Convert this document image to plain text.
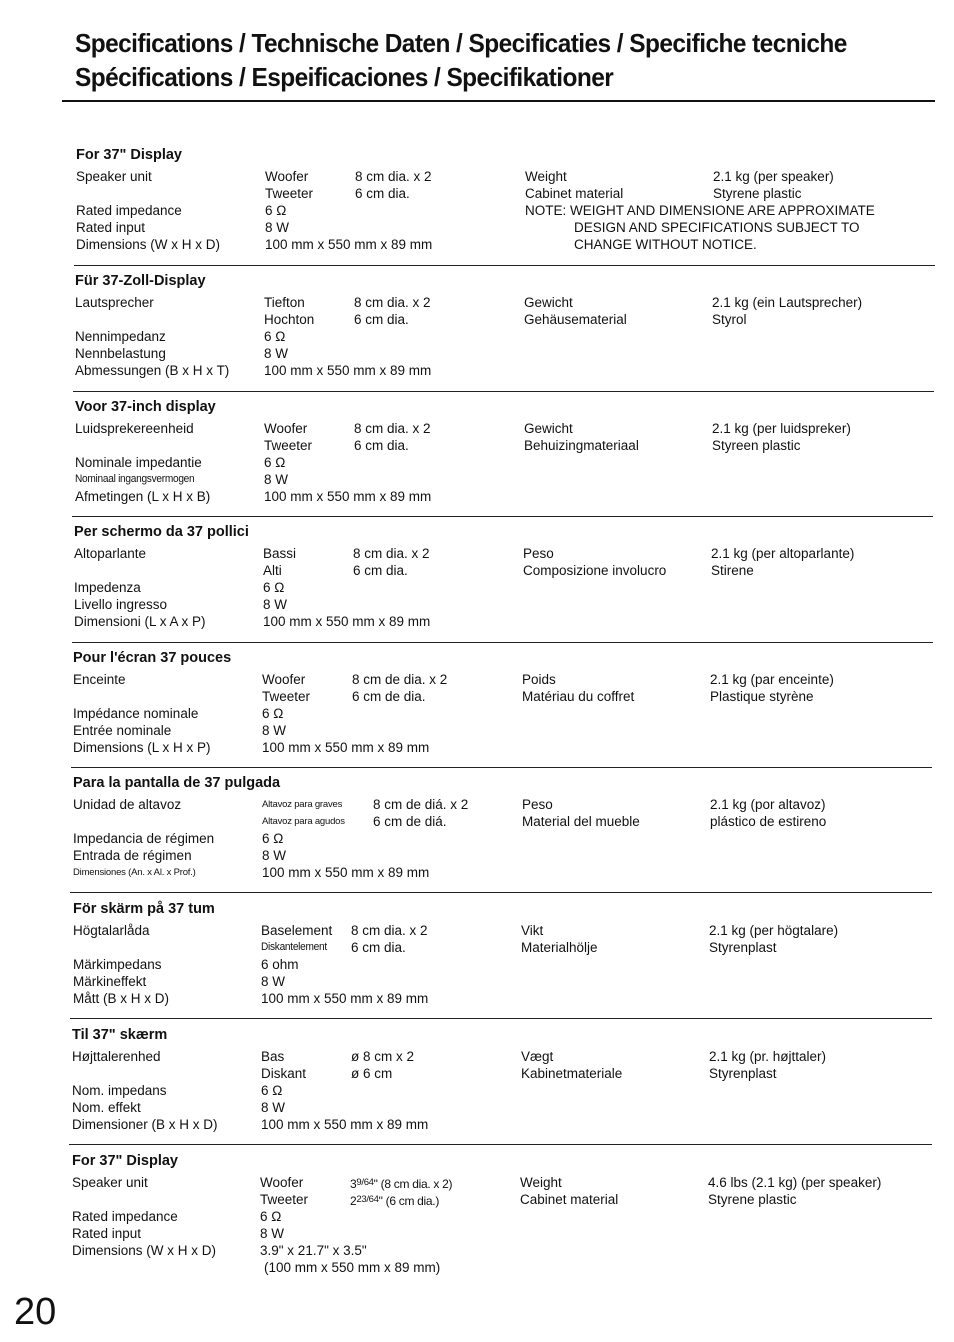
Specifications / Technische Daten / Specificaties / Specifiche tecniche
Spécifications / Espeificaciones / Specifikationer
For 37" Display
Speaker unit	Woofer	8 cm dia. x 2
Tweeter	6 cm dia.
Rated impedance	6 Ω
Rated input	8 W
Dimensions (W x H x D)	100 mm x 550 mm x 89 mm
Weight	2.1 kg (per speaker)
Cabinet material	Styrene plastic
NOTE: WEIGHT AND DIMENSIONE ARE APPROXIMATE
DESIGN AND SPECIFICATIONS SUBJECT TO
CHANGE WITHOUT NOTICE.
Für 37-Zoll-Display
Lautsprecher	Tiefton	8 cm dia. x 2
Hochton	6 cm dia.
Nennimpedanz	6 Ω
Nennbelastung	8 W
Abmessungen (B x H x T)	100 mm x 550 mm x 89 mm
Gewicht	2.1 kg (ein Lautsprecher)
Gehäusematerial	Styrol
Voor 37-inch display
Luidsprekereenheid	Woofer	8 cm dia. x 2
Tweeter	6 cm dia.
Nominale impedantie	6 Ω
Nominaal ingangsvermogen	8 W
Afmetingen (L x H x B)	100 mm x 550 mm x 89 mm
Gewicht	2.1 kg (per luidspreker)
Behuizingmateriaal	Styreen plastic
Per schermo da 37 pollici
Altoparlante	Bassi	8 cm dia. x 2
Alti	6 cm dia.
Impedenza	6 Ω
Livello ingresso	8 W
Dimensioni (L x A x P)	100 mm x 550 mm x 89 mm
Peso	2.1 kg (per altoparlante)
Composizione involucro	Stirene
Pour l'écran 37 pouces
Enceinte	Woofer	8 cm de dia. x 2
Tweeter	6 cm de dia.
Impédance nominale	6 Ω
Entrée nominale	8 W
Dimensions (L x H x P)	100 mm x 550 mm x 89 mm
Poids	2.1 kg (par enceinte)
Matériau du coffret	Plastique styrène
Para la pantalla de 37 pulgada
Unidad de altavoz	Altavoz para graves 8 cm de diá. x 2
Altavoz para agudos 6 cm de diá.
Impedancia de régimen	6 Ω
Entrada de régimen	8 W
Dimensiones (An. x Al. x Prof.)	100 mm x 550 mm x 89 mm
Peso	2.1 kg (por altavoz)
Material del mueble	plástico de estireno
För skärm på 37 tum
Högtalarlåda	Baselement 8 cm dia. x 2
Diskantelement 6 cm dia.
Märkimpedans	6 ohm
Märkineffekt	8 W
Mått (B x H x D)	100 mm x 550 mm x 89 mm
Vikt	2.1 kg (per högtalare)
Materialhölje	Styrenplast
Til 37" skærm
Højttalerenhed	Bas	ø 8 cm x 2
Diskant	ø 6 cm
Nom. impedans	6 Ω
Nom. effekt	8 W
Dimensioner (B x H x D)	100 mm x 550 mm x 89 mm
Vægt	2.1 kg (pr. højttaler)
Kabinetmateriale	Styrenplast
For 37" Display
Speaker unit	Woofer	$3^{9/64}$" (8 cm dia. x 2)
Tweeter	$2^{23/64}$" (6 cm dia.)
Rated impedance	6 Ω
Rated input	8 W
Dimensions (W x H x D)	3.9" x 21.7" x 3.5"
(100 mm x 550 mm x 89 mm)
Weight	4.6 lbs (2.1 kg) (per speaker)
Cabinet material	Styrene plastic
20
